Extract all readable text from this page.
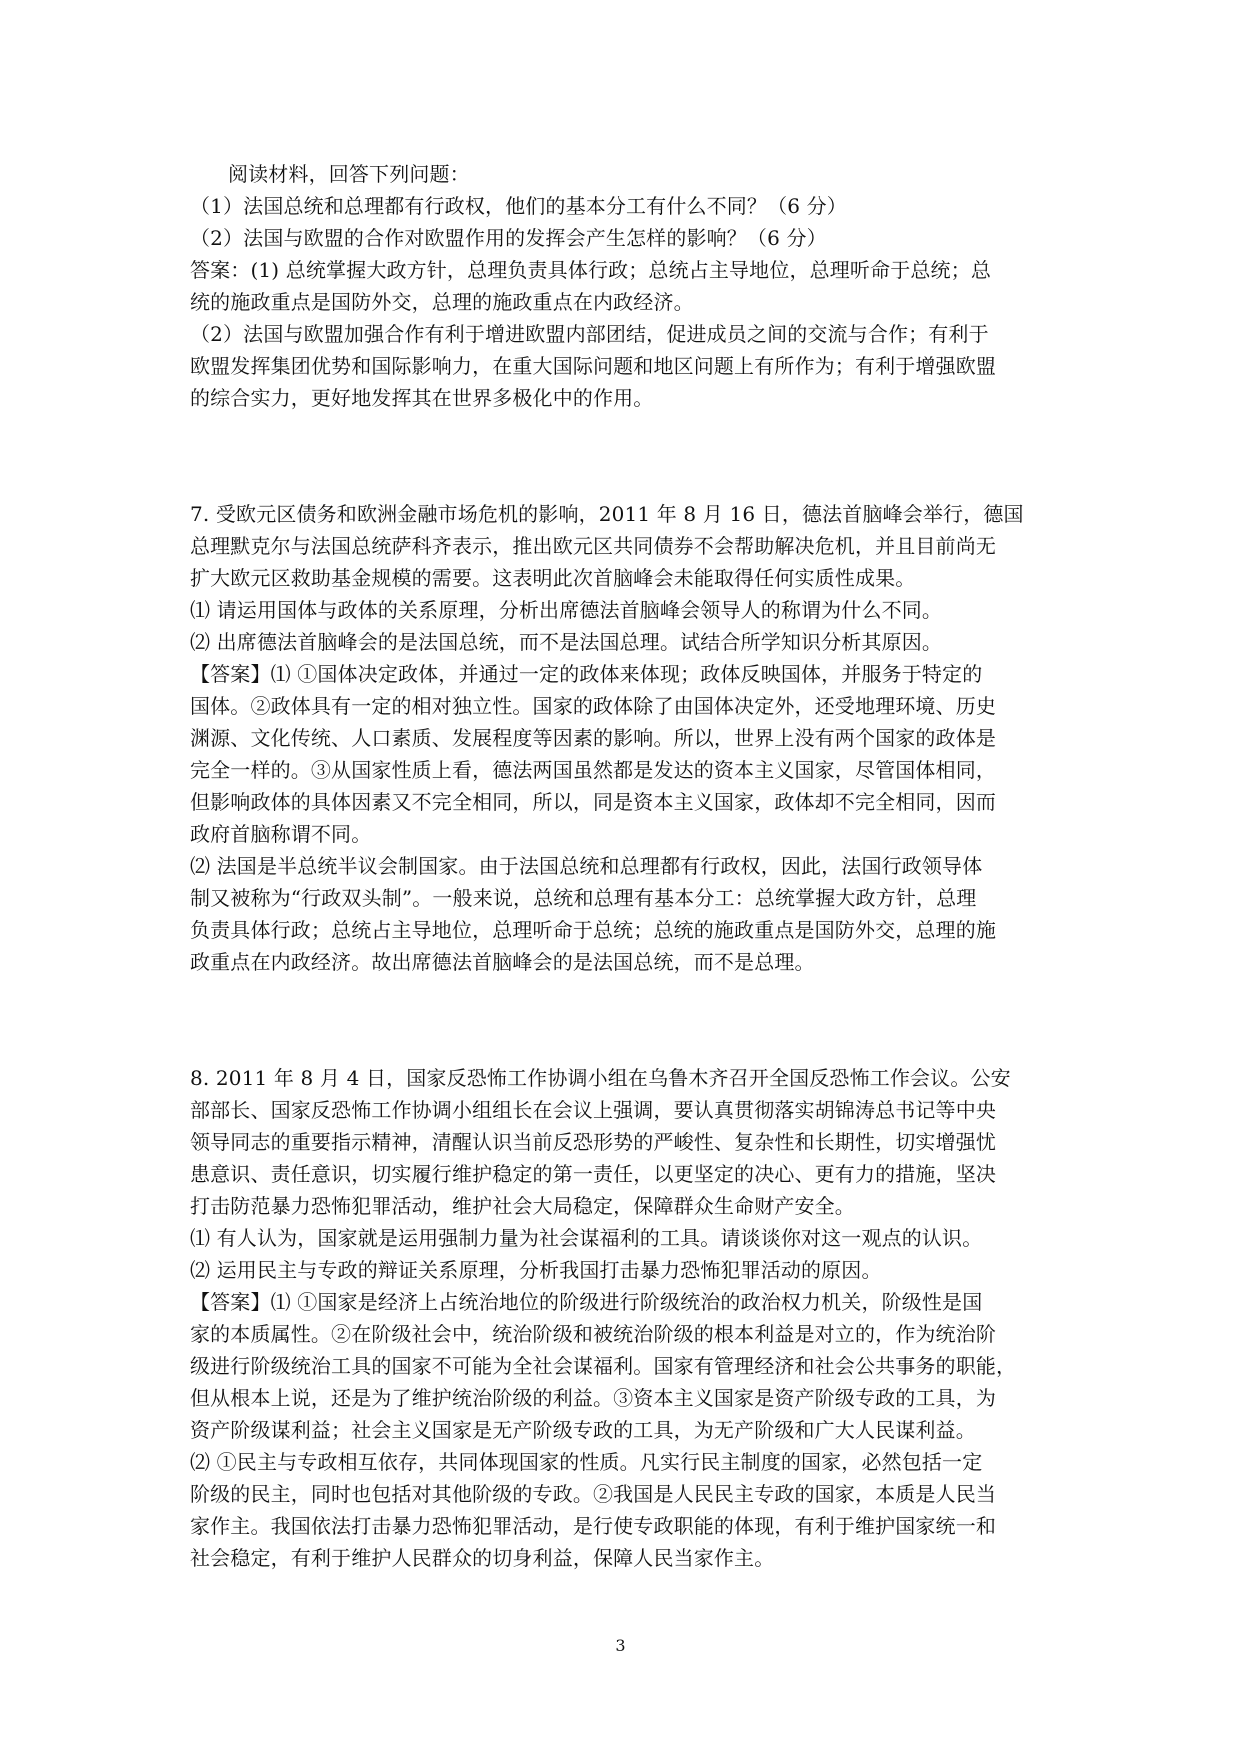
阅读材料，回答下列问题：
（1）法国总统和总理都有行政权，他们的基本分工有什么不同？（6 分）
（2）法国与欧盟的合作对欧盟作用的发挥会产生怎样的影响？（6 分）
答案：(1) 总统掌握大政方针，总理负责具体行政；总统占主导地位，总理听命于总统；总
统的施政重点是国防外交，总理的施政重点在内政经济。
（2）法国与欧盟加强合作有利于增进欧盟内部团结，促进成员之间的交流与合作；有利于
欧盟发挥集团优势和国际影响力，在重大国际问题和地区问题上有所作为；有利于增强欧盟
的综合实力，更好地发挥其在世界多极化中的作用。
7. 受欧元区债务和欧洲金融市场危机的影响，2011 年 8 月 16 日，德法首脑峰会举行，德国
总理默克尔与法国总统萨科齐表示，推出欧元区共同债券不会帮助解决危机，并且目前尚无
扩大欧元区救助基金规模的需要。这表明此次首脑峰会未能取得任何实质性成果。
⑴ 请运用国体与政体的关系原理，分析出席德法首脑峰会领导人的称谓为什么不同。
⑵ 出席德法首脑峰会的是法国总统，而不是法国总理。试结合所学知识分析其原因。
【答案】⑴ ①国体决定政体，并通过一定的政体来体现；政体反映国体，并服务于特定的
国体。②政体具有一定的相对独立性。国家的政体除了由国体决定外，还受地理环境、历史
渊源、文化传统、人口素质、发展程度等因素的影响。所以，世界上没有两个国家的政体是
完全一样的。③从国家性质上看，德法两国虽然都是发达的资本主义国家，尽管国体相同，
但影响政体的具体因素又不完全相同，所以，同是资本主义国家，政体却不完全相同，因而
政府首脑称谓不同。
⑵ 法国是半总统半议会制国家。由于法国总统和总理都有行政权，因此，法国行政领导体
制又被称为“行政双头制”。一般来说，总统和总理有基本分工：总统掌握大政方针，总理
负责具体行政；总统占主导地位，总理听命于总统；总统的施政重点是国防外交，总理的施
政重点在内政经济。故出席德法首脑峰会的是法国总统，而不是总理。
8. 2011 年 8 月 4 日，国家反恐怖工作协调小组在乌鲁木齐召开全国反恐怖工作会议。公安
部部长、国家反恐怖工作协调小组组长在会议上强调，要认真贯彻落实胡锦涛总书记等中央
领导同志的重要指示精神，清醒认识当前反恐形势的严峻性、复杂性和长期性，切实增强忧
患意识、责任意识，切实履行维护稳定的第一责任，以更坚定的决心、更有力的措施，坚决
打击防范暴力恐怖犯罪活动，维护社会大局稳定，保障群众生命财产安全。
⑴ 有人认为，国家就是运用强制力量为社会谋福利的工具。请谈谈你对这一观点的认识。
⑵ 运用民主与专政的辩证关系原理，分析我国打击暴力恐怖犯罪活动的原因。
【答案】⑴ ①国家是经济上占统治地位的阶级进行阶级统治的政治权力机关，阶级性是国
家的本质属性。②在阶级社会中，统治阶级和被统治阶级的根本利益是对立的，作为统治阶
级进行阶级统治工具的国家不可能为全社会谋福利。国家有管理经济和社会公共事务的职能，
但从根本上说，还是为了维护统治阶级的利益。③资本主义国家是资产阶级专政的工具，为
资产阶级谋利益；社会主义国家是无产阶级专政的工具，为无产阶级和广大人民谋利益。
⑵ ①民主与专政相互依存，共同体现国家的性质。凡实行民主制度的国家，必然包括一定
阶级的民主，同时也包括对其他阶级的专政。②我国是人民民主专政的国家，本质是人民当
家作主。我国依法打击暴力恐怖犯罪活动，是行使专政职能的体现，有利于维护国家统一和
社会稳定，有利于维护人民群众的切身利益，保障人民当家作主。
3
